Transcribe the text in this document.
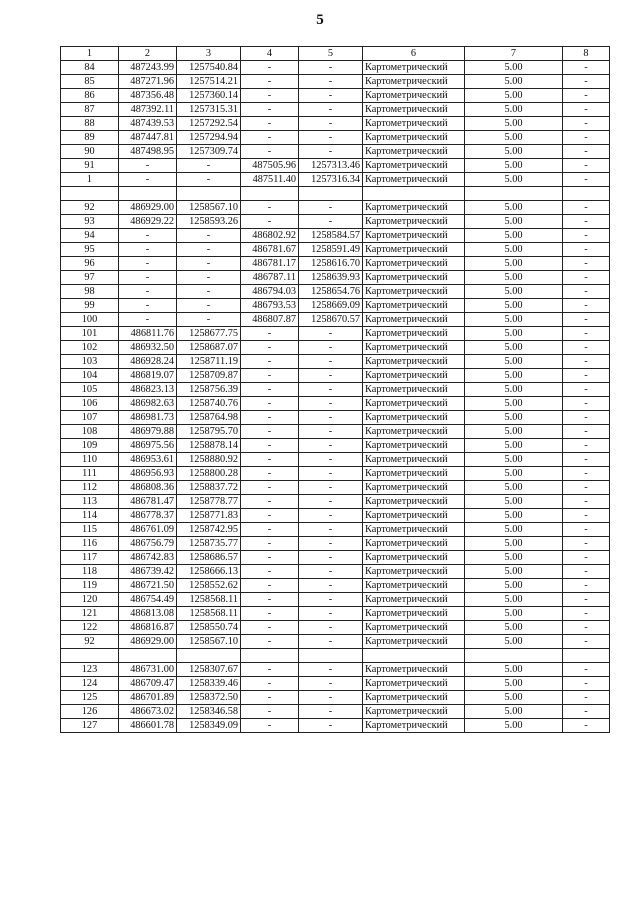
5
1	2	3	4	5	6	7	8
84	487243.99	1257540.84	-	-	Картометрический	5.00	-
85	487271.96	1257514.21	-	-	Картометрический	5.00	-
86	487356.48	1257360.14	-	-	Картометрический	5.00	-
87	487392.11	1257315.31	-	-	Картометрический	5.00	-
88	487439.53	1257292.54	-	-	Картометрический	5.00	-
89	487447.81	1257294.94	-	-	Картометрический	5.00	-
90	487498.95	1257309.74	-	-	Картометрический	5.00	-
91	-	-	487505.96	1257313.46	Картометрический	5.00	-
1	-	-	487511.40	1257316.34	Картометрический	5.00	-

92	486929.00	1258567.10	-	-	Картометрический	5.00	-
93	486929.22	1258593.26	-	-	Картометрический	5.00	-
94	-	-	486802.92	1258584.57	Картометрический	5.00	-
95	-	-	486781.67	1258591.49	Картометрический	5.00	-
96	-	-	486781.17	1258616.70	Картометрический	5.00	-
97	-	-	486787.11	1258639.93	Картометрический	5.00	-
98	-	-	486794.03	1258654.76	Картометрический	5.00	-
99	-	-	486793.53	1258669.09	Картометрический	5.00	-
100	-	-	486807.87	1258670.57	Картометрический	5.00	-
101	486811.76	1258677.75	-	-	Картометрический	5.00	-
102	486932.50	1258687.07	-	-	Картометрический	5.00	-
103	486928.24	1258711.19	-	-	Картометрический	5.00	-
104	486819.07	1258709.87	-	-	Картометрический	5.00	-
105	486823.13	1258756.39	-	-	Картометрический	5.00	-
106	486982.63	1258740.76	-	-	Картометрический	5.00	-
107	486981.73	1258764.98	-	-	Картометрический	5.00	-
108	486979.88	1258795.70	-	-	Картометрический	5.00	-
109	486975.56	1258878.14	-	-	Картометрический	5.00	-
110	486953.61	1258880.92	-	-	Картометрический	5.00	-
111	486956.93	1258800.28	-	-	Картометрический	5.00	-
112	486808.36	1258837.72	-	-	Картометрический	5.00	-
113	486781.47	1258778.77	-	-	Картометрический	5.00	-
114	486778.37	1258771.83	-	-	Картометрический	5.00	-
115	486761.09	1258742.95	-	-	Картометрический	5.00	-
116	486756.79	1258735.77	-	-	Картометрический	5.00	-
117	486742.83	1258686.57	-	-	Картометрический	5.00	-
118	486739.42	1258666.13	-	-	Картометрический	5.00	-
119	486721.50	1258552.62	-	-	Картометрический	5.00	-
120	486754.49	1258568.11	-	-	Картометрический	5.00	-
121	486813.08	1258568.11	-	-	Картометрический	5.00	-
122	486816.87	1258550.74	-	-	Картометрический	5.00	-
92	486929.00	1258567.10	-	-	Картометрический	5.00	-

123	486731.00	1258307.67	-	-	Картометрический	5.00	-
124	486709.47	1258339.46	-	-	Картометрический	5.00	-
125	486701.89	1258372.50	-	-	Картометрический	5.00	-
126	486673.02	1258346.58	-	-	Картометрический	5.00	-
127	486601.78	1258349.09	-	-	Картометрический	5.00	-
